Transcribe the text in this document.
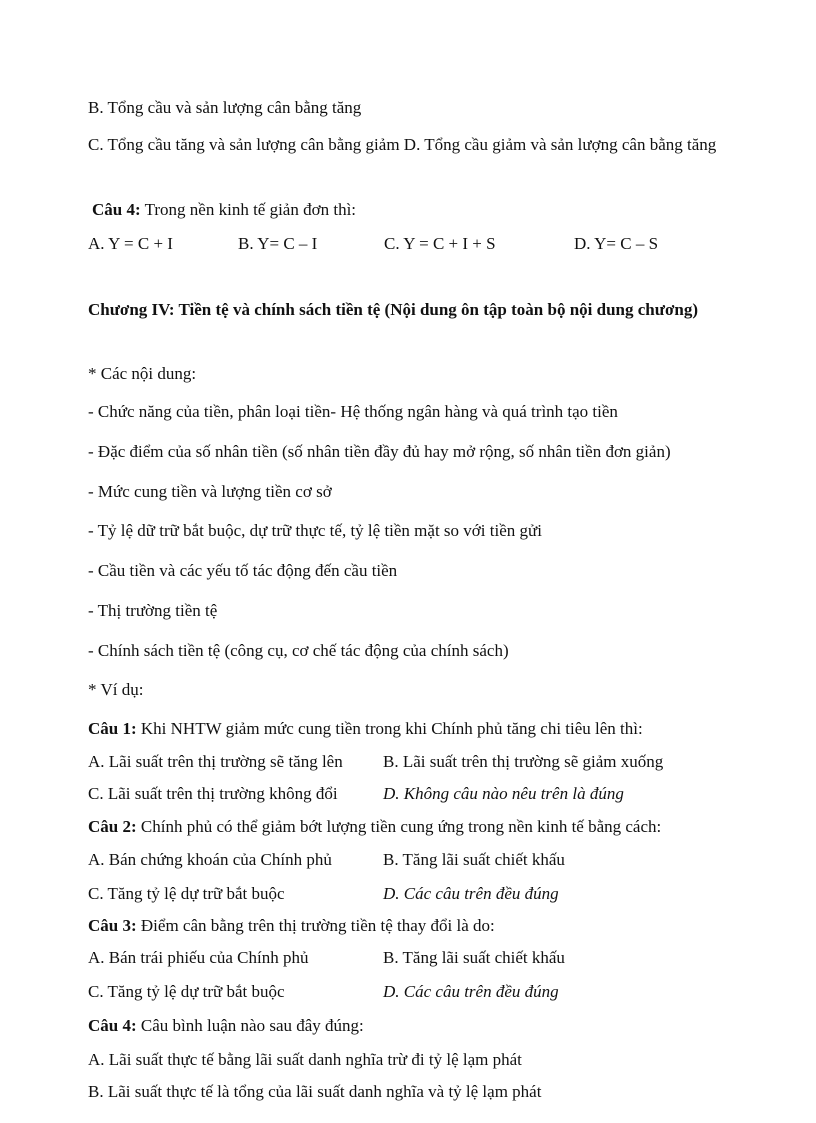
B. Tổng cầu và sản lượng cân bằng tăng
C. Tổng cầu tăng và sản lượng cân bằng giảm D. Tổng cầu giảm và sản lượng cân bằng tăng
Câu 4: Trong nền kinh tế giản đơn thì:
A. Y = C + I	B. Y= C – I	C. Y = C + I + S	D. Y= C – S
Chương IV: Tiền tệ và chính sách tiền tệ (Nội dung ôn tập toàn bộ nội dung chương)
* Các nội dung:
- Chức năng của tiền, phân loại tiền- Hệ thống ngân hàng và quá trình tạo tiền
- Đặc điểm của số nhân tiền (số nhân tiền đầy đủ hay mở rộng, số nhân tiền đơn giản)
- Mức cung tiền và lượng tiền cơ sở
- Tỷ lệ dữ trữ bắt buộc, dự trữ thực tế, tỷ lệ tiền mặt so với tiền gửi
- Cầu tiền và các yếu tố tác động đến cầu tiền
- Thị trường tiền tệ
- Chính sách tiền tệ (công cụ, cơ chế tác động của chính sách)
* Ví dụ:
Câu 1: Khi NHTW giảm mức cung tiền trong khi Chính phủ tăng chi tiêu lên thì:
A. Lãi suất trên thị trường sẽ tăng lên B. Lãi suất trên thị trường sẽ giảm xuống
C. Lãi suất trên thị trường không đổi	D. Không câu nào nêu trên là đúng
Câu 2: Chính phủ có thể giảm bớt lượng tiền cung ứng trong nền kinh tế bằng cách:
A. Bán chứng khoán của Chính phủ	B. Tăng lãi suất chiết khấu
C. Tăng tỷ lệ dự trữ bắt buộc	D. Các câu trên đều đúng
Câu 3: Điểm cân bằng trên thị trường tiền tệ thay đổi là do:
A. Bán trái phiếu của Chính phủ	B. Tăng lãi suất chiết khấu
C. Tăng tỷ lệ dự trữ bắt buộc	D. Các câu trên đều đúng
Câu 4: Câu bình luận nào sau đây đúng:
A. Lãi suất thực tế bằng lãi suất danh nghĩa trừ đi tỷ lệ lạm phát
B. Lãi suất thực tế là tổng của lãi suất danh nghĩa và tỷ lệ lạm phát
